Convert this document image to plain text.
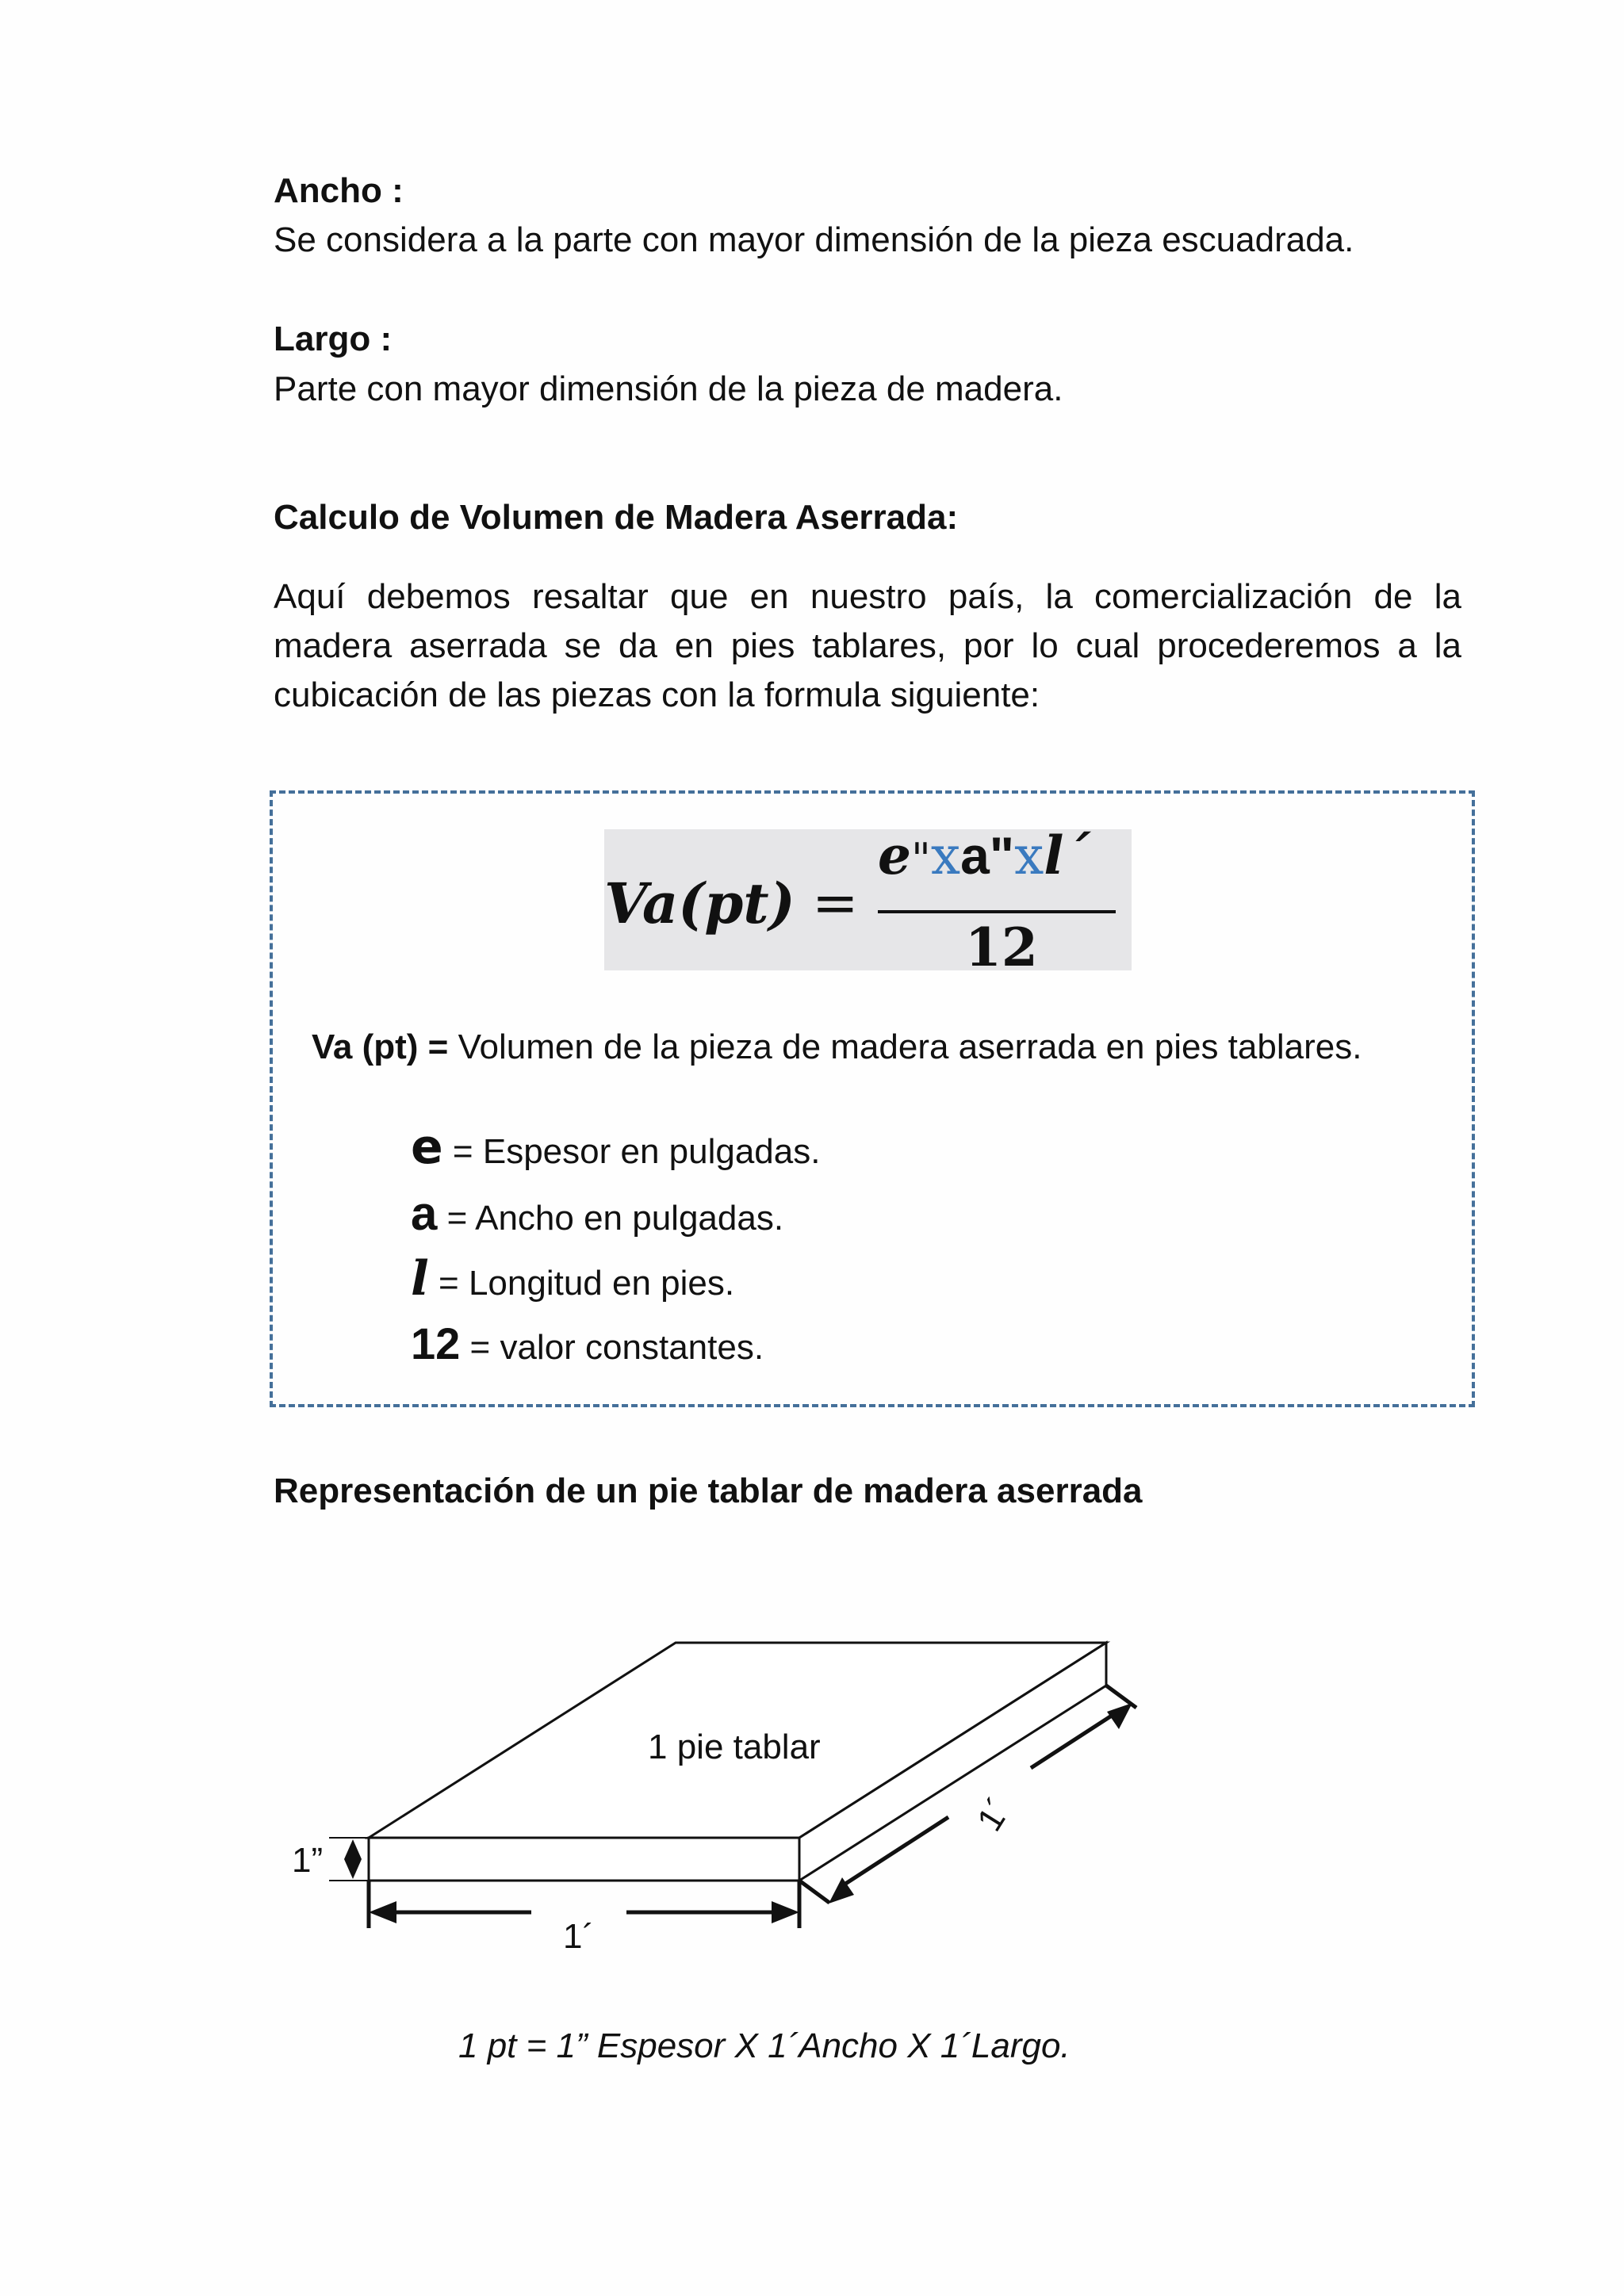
Ancho :
Se considera a la parte con mayor dimensión de la pieza escuadrada.
Largo :
Parte con mayor dimensión de la pieza de madera.
Calculo de Volumen de Madera Aserrada:
Aquí debemos resaltar que en nuestro país, la comercialización de la madera aserrada se da en pies tablares, por lo cual procederemos a la cubicación de las piezas con la formula siguiente:
Va(pt) =
e"xa"xl´
12
Va (pt) = Volumen de la pieza de madera aserrada en pies tablares.
e = Espesor en pulgadas.
a = Ancho en pulgadas.
l = Longitud en pies.
12 = valor constantes.
Representación de un pie tablar de madera aserrada
1 pie tablar
1”
1´
1´
1 pt = 1” Espesor X 1´Ancho X 1´Largo.
